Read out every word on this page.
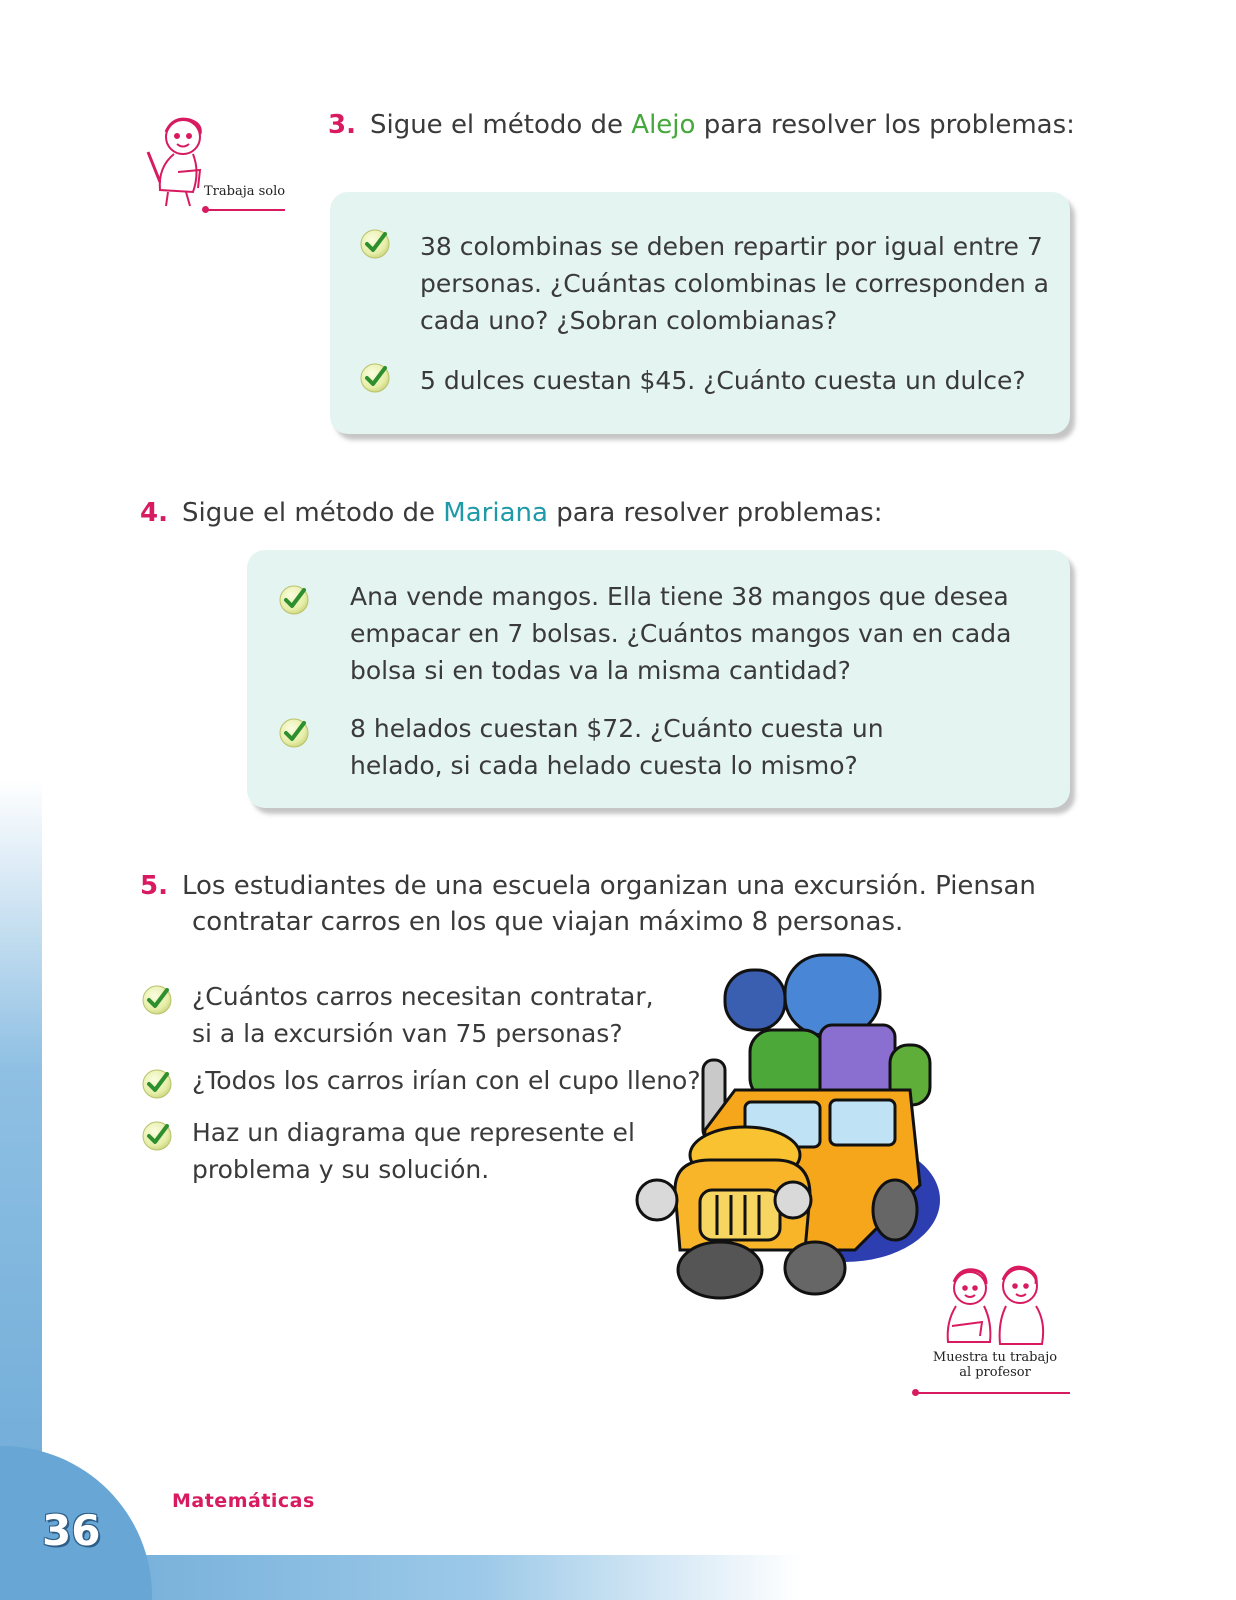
Trabaja solo
3. Sigue el método de Alejo para resolver los problemas:
38 colombinas se deben repartir por igual entre 7
personas. ¿Cuántas colombinas le corresponden a
cada uno? ¿Sobran colombianas?
5 dulces cuestan $45. ¿Cuánto cuesta un dulce?
4. Sigue el método de Mariana para resolver problemas:
Ana vende mangos. Ella tiene 38 mangos que desea
empacar en 7 bolsas. ¿Cuántos mangos van en cada
bolsa si en todas va la misma cantidad?
8 helados cuestan $72. ¿Cuánto cuesta un
helado, si cada helado cuesta lo mismo?
5. Los estudiantes de una escuela organizan una excursión. Piensan
contratar carros en los que viajan máximo 8 personas.
¿Cuántos carros necesitan contratar,
si a la excursión van 75 personas?
¿Todos los carros irían con el cupo lleno?
Haz un diagrama que represente el
problema y su solución.
Muestra tu trabajo
al profesor
36
Matemáticas
